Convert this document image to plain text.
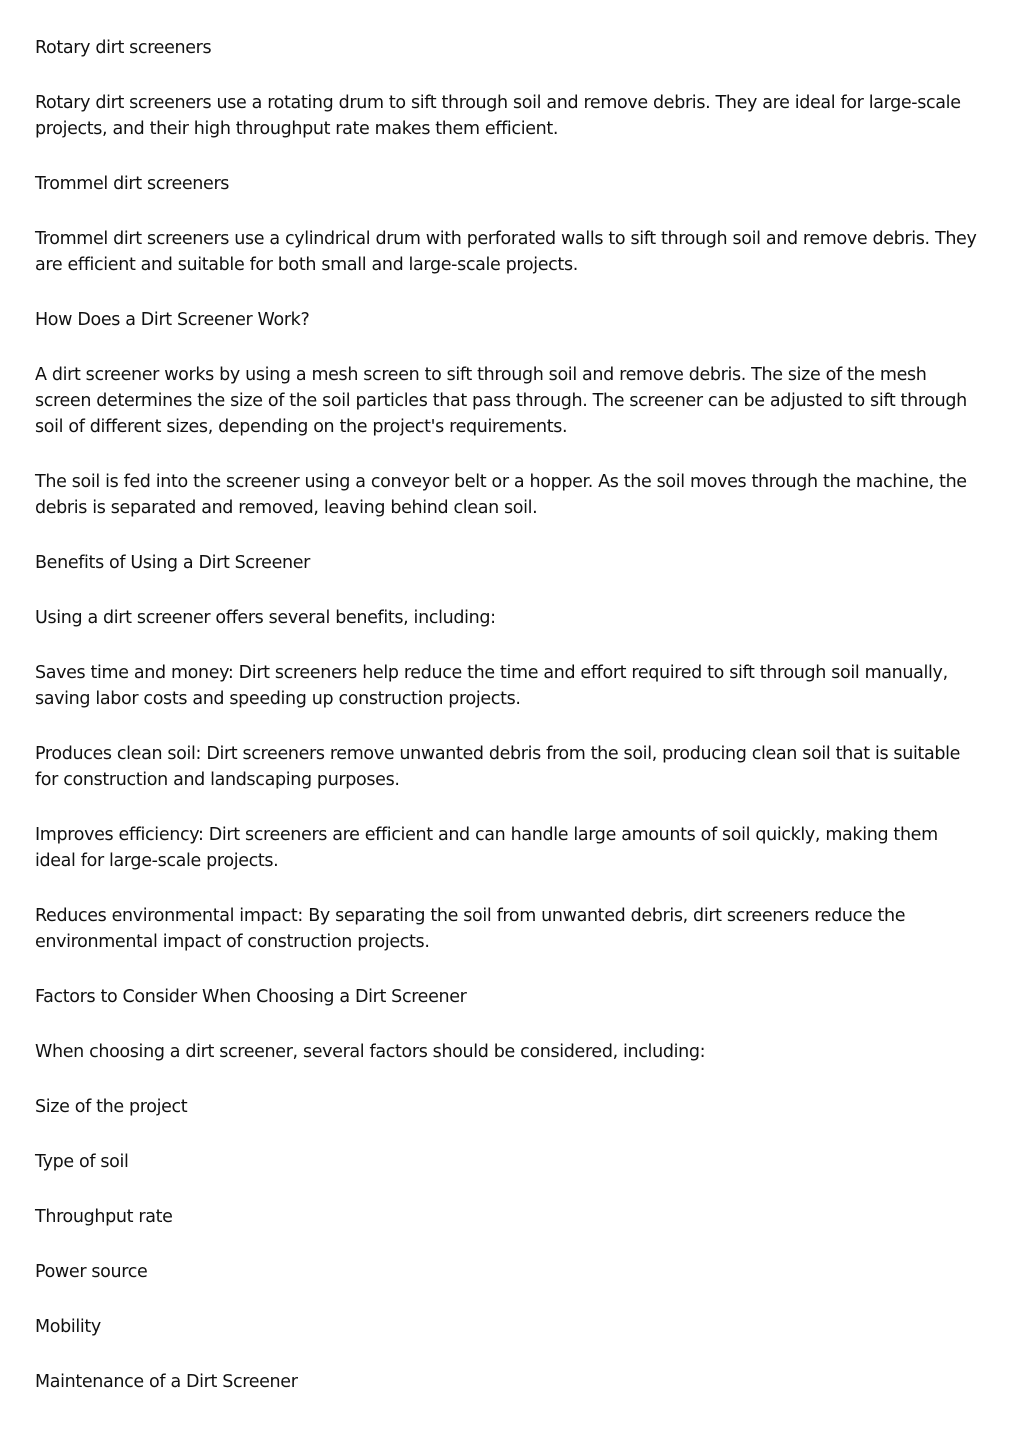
Rotary dirt screeners

Rotary dirt screeners use a rotating drum to sift through soil and remove debris. They are ideal for large-scale projects, and their high throughput rate makes them efficient.

Trommel dirt screeners

Trommel dirt screeners use a cylindrical drum with perforated walls to sift through soil and remove debris. They are efficient and suitable for both small and large-scale projects.

How Does a Dirt Screener Work?

A dirt screener works by using a mesh screen to sift through soil and remove debris. The size of the mesh screen determines the size of the soil particles that pass through. The screener can be adjusted to sift through soil of different sizes, depending on the project's requirements.

The soil is fed into the screener using a conveyor belt or a hopper. As the soil moves through the machine, the debris is separated and removed, leaving behind clean soil.

Benefits of Using a Dirt Screener

Using a dirt screener offers several benefits, including:

Saves time and money: Dirt screeners help reduce the time and effort required to sift through soil manually, saving labor costs and speeding up construction projects.

Produces clean soil: Dirt screeners remove unwanted debris from the soil, producing clean soil that is suitable for construction and landscaping purposes.

Improves efficiency: Dirt screeners are efficient and can handle large amounts of soil quickly, making them ideal for large-scale projects.

Reduces environmental impact: By separating the soil from unwanted debris, dirt screeners reduce the environmental impact of construction projects.

Factors to Consider When Choosing a Dirt Screener

When choosing a dirt screener, several factors should be considered, including:

Size of the project

Type of soil

Throughput rate

Power source

Mobility

Maintenance of a Dirt Screener
